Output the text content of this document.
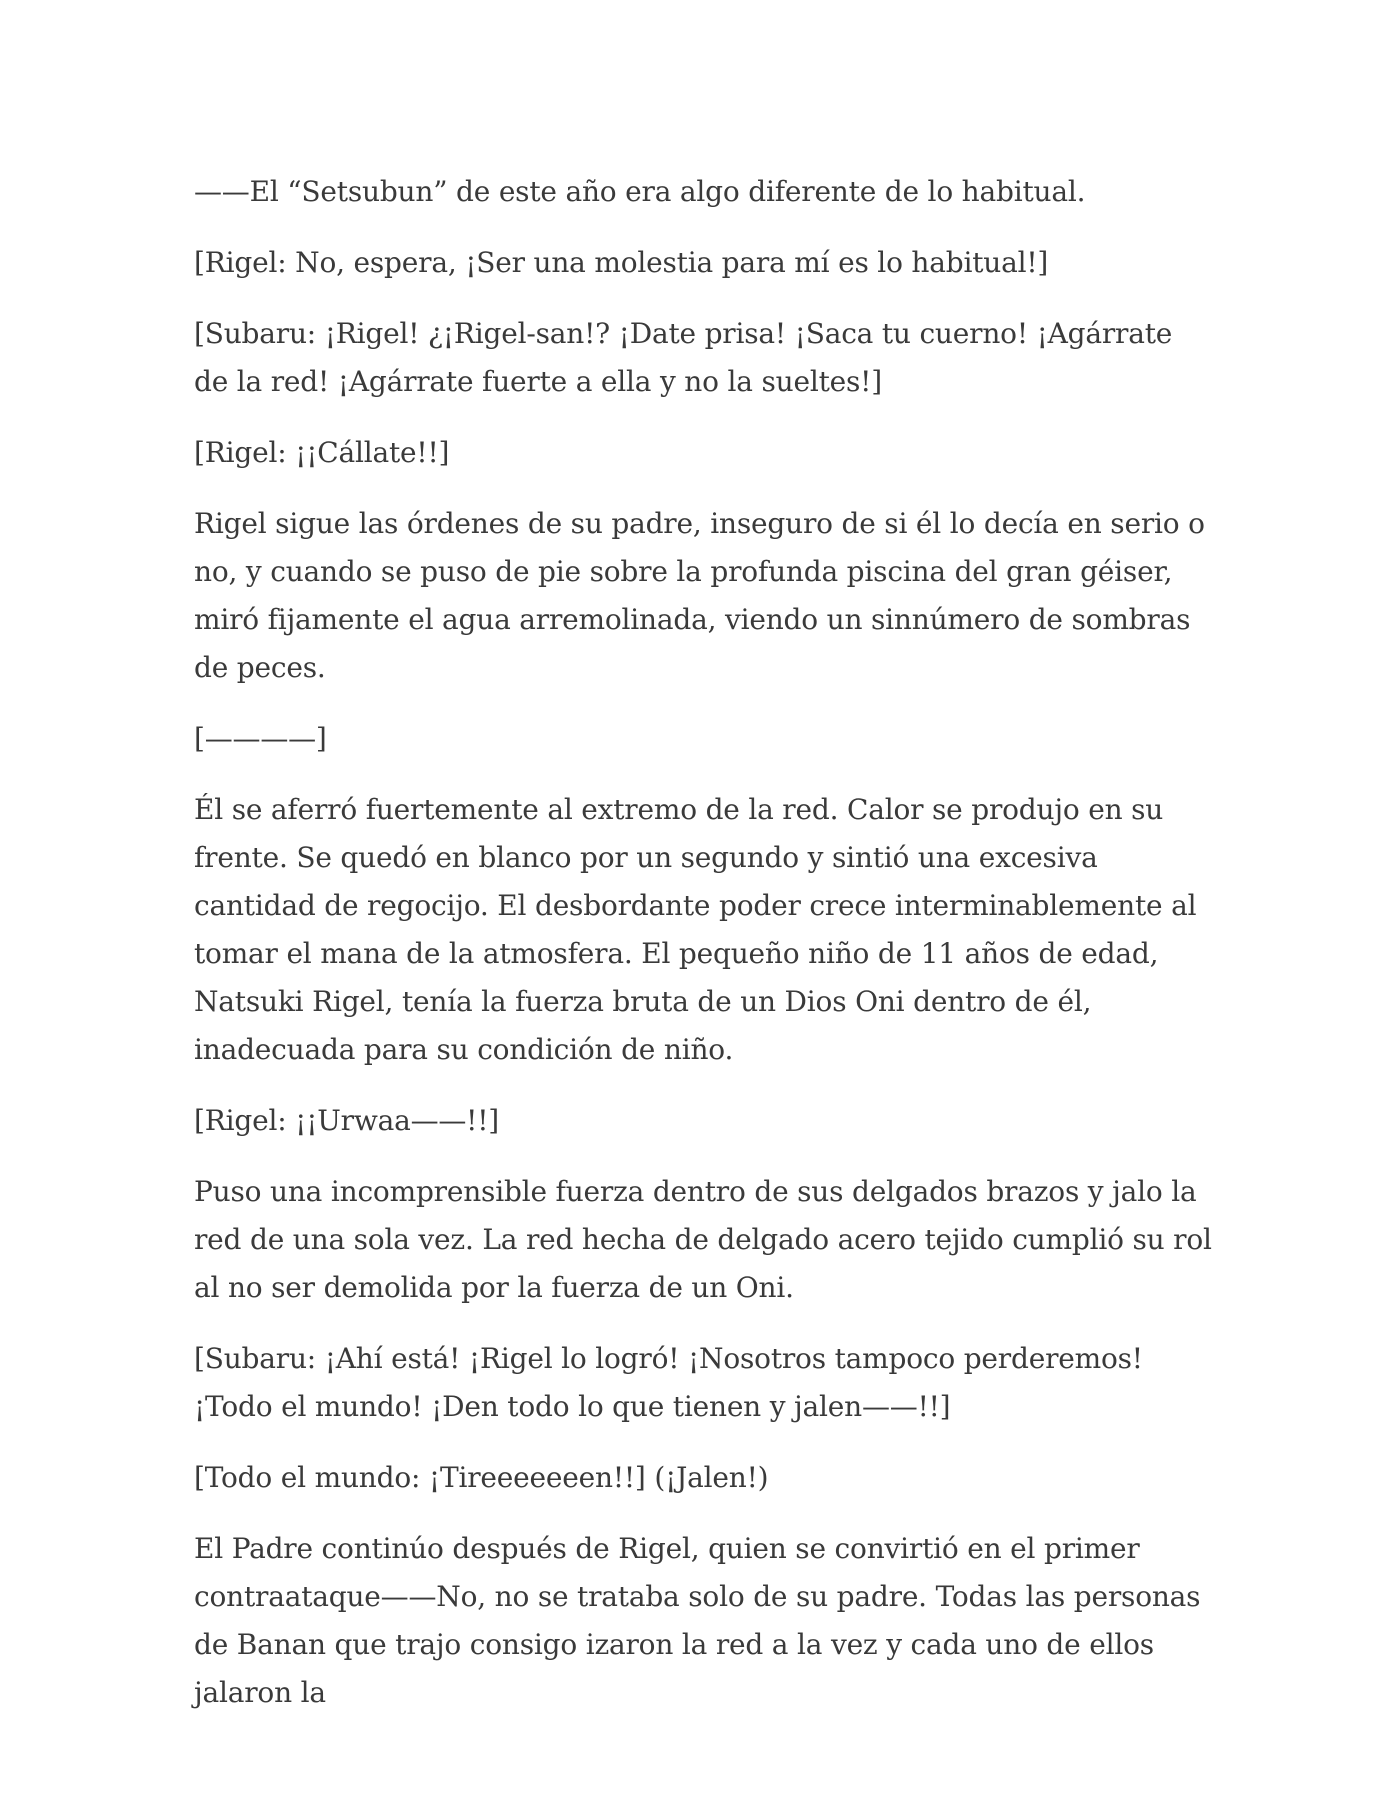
——El “Setsubun” de este año era algo diferente de lo habitual.

[Rigel: No, espera, ¡Ser una molestia para mí es lo habitual!]

[Subaru: ¡Rigel! ¿¡Rigel-san!? ¡Date prisa! ¡Saca tu cuerno! ¡Agárrate de la red! ¡Agárrate fuerte a ella y no la sueltes!]

[Rigel: ¡¡Cállate!!]

Rigel sigue las órdenes de su padre, inseguro de si él lo decía en serio o no, y cuando se puso de pie sobre la profunda piscina del gran géiser, miró fijamente el agua arremolinada, viendo un sinnúmero de sombras de peces.

[————]

Él se aferró fuertemente al extremo de la red. Calor se produjo en su frente. Se quedó en blanco por un segundo y sintió una excesiva cantidad de regocijo. El desbordante poder crece interminablemente al tomar el mana de la atmosfera. El pequeño niño de 11 años de edad, Natsuki Rigel, tenía la fuerza bruta de un Dios Oni dentro de él, inadecuada para su condición de niño.

[Rigel: ¡¡Urwaa——!!]

Puso una incomprensible fuerza dentro de sus delgados brazos y jalo la red de una sola vez. La red hecha de delgado acero tejido cumplió su rol al no ser demolida por la fuerza de un Oni.

[Subaru: ¡Ahí está! ¡Rigel lo logró! ¡Nosotros tampoco perderemos! ¡Todo el mundo! ¡Den todo lo que tienen y jalen——!!]

[Todo el mundo: ¡Tireeeeeeen!!] (¡Jalen!)

El Padre continúo después de Rigel, quien se convirtió en el primer contraataque——No, no se trataba solo de su padre. Todas las personas de Banan que trajo consigo izaron la red a la vez y cada uno de ellos jalaron la
